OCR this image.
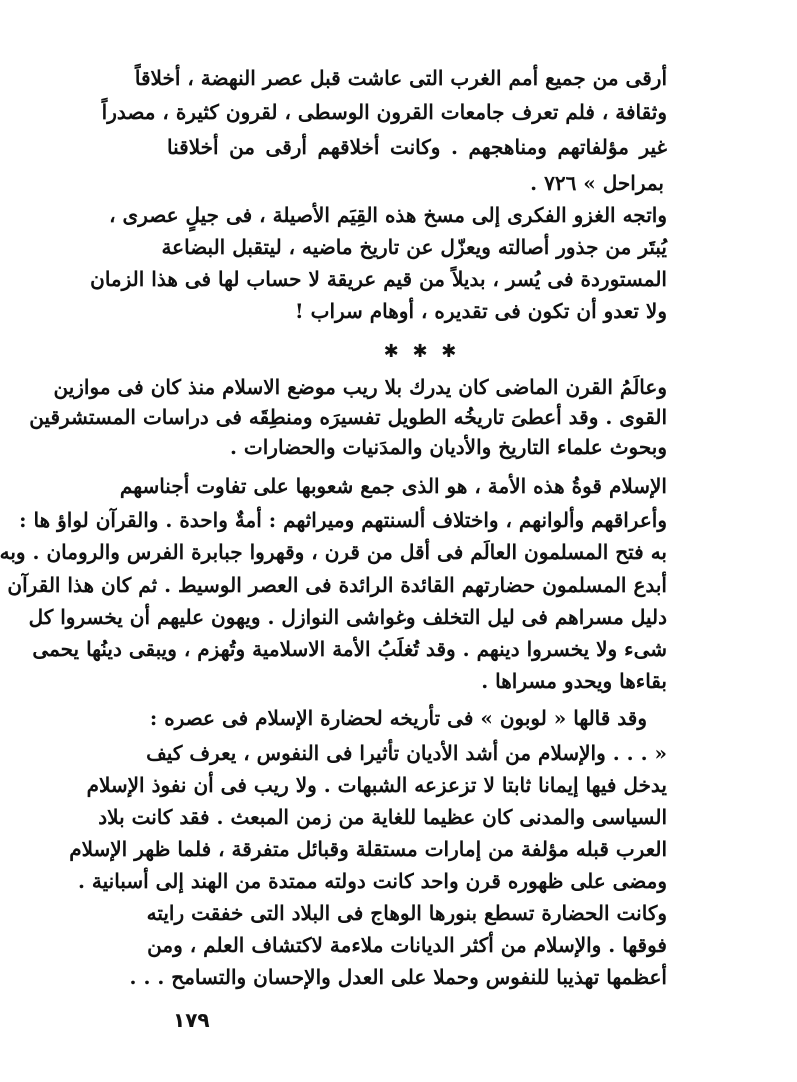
أرقى من جميع أمم الغرب التى عاشت قبل عصر النهضة ، أخلاقاً
وثقافة ، فلم تعرف جامعات القرون الوسطى ، لقرون كثيرة ، مصدراً
غير مؤلفاتهم ومناهجهم . وكانت أخلاقهم أرقى من أخلاقنا
بمراحل » ٧٢٦ .
واتجه الغزو الفكرى إلى مسخ هذه القِيَم الأصيلة ، فى جيلٍ عصرى ،
يُبتَر من جذور أصالته ويعزّل عن تاريخ ماضيه ، ليتقبل البضاعة
المستوردة فى يُسر ، بديلاً من قيم عريقة لا حساب لها فى هذا الزمان
ولا تعدو أن تكون فى تقديره ، أوهام سراب !
✱ ✱ ✱
وعالَمُ القرن الماضى كان يدرك بلا ريب موضع الاسلام منذ كان فى موازين
القوى . وقد أعطىَ تاريخُه الطويل تفسيرَه ومنطِقَه فى دراسات المستشرقين
وبحوث علماء التاريخ والأديان والمدَنيات والحضارات .
الإسلام قوةُ هذه الأمة ، هو الذى جمع شعوبها على تفاوت أجناسهم
وأعراقهم وألوانهم ، واختلاف ألسنتهم وميراثهم : أمةٌ واحدة . والقرآن لواؤ ها :
به فتح المسلمون العالَم فى أقل من قرن ، وقهروا جبابرة الفرس والرومان . وبه
أبدع المسلمون حضارتهم القائدة الرائدة فى العصر الوسيط . ثم كان هذا القرآن
دليل مسراهم فى ليل التخلف وغواشى النوازل . ويهون عليهم أن يخسروا كل
شىء ولا يخسروا دينهم . وقد تُغلَبُ الأمة الاسلامية وتُهزم ، ويبقى دينُها يحمى
بقاءها ويحدو مسراها .
وقد قالها « لوبون » فى تأريخه لحضارة الإسلام فى عصره :
« . . . والإسلام من أشد الأديان تأثيرا فى النفوس ، يعرف كيف
يدخل فيها إيمانا ثابتا لا تزعزعه الشبهات . ولا ريب فى أن نفوذ الإسلام
السياسى والمدنى كان عظيما للغاية من زمن المبعث . فقد كانت بلاد
العرب قبله مؤلفة من إمارات مستقلة وقبائل متفرقة ، فلما ظهر الإسلام
ومضى على ظهوره قرن واحد كانت دولته ممتدة من الهند إلى أسبانية .
وكانت الحضارة تسطع بنورها الوهاج فى البلاد التى خفقت رايته
فوقها . والإسلام من أكثر الديانات ملاءمة لاكتشاف العلم ، ومن
أعظمها تهذيبا للنفوس وحملا على العدل والإحسان والتسامح . . .
١٧٩
